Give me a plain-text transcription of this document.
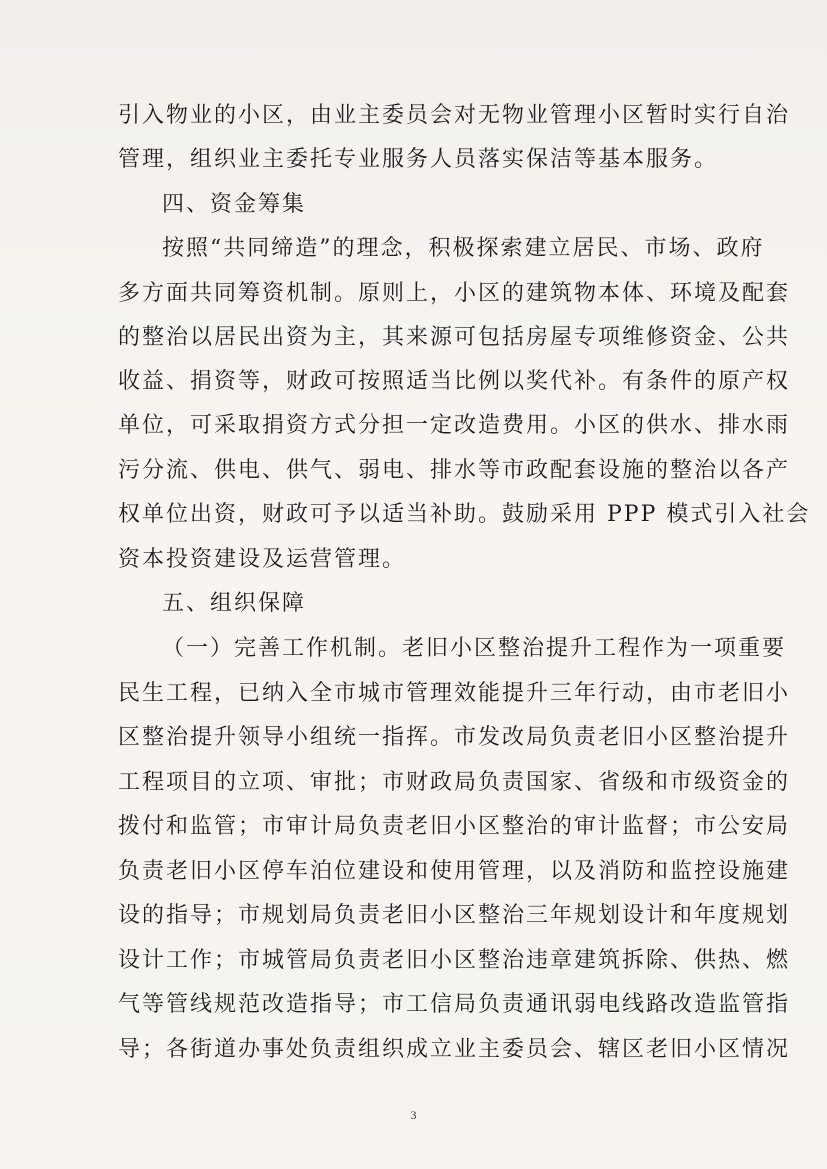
引入物业的小区，由业主委员会对无物业管理小区暂时实行自治
管理，组织业主委托专业服务人员落实保洁等基本服务。
四、资金筹集
按照“共同缔造”的理念，积极探索建立居民、市场、政府
多方面共同筹资机制。原则上，小区的建筑物本体、环境及配套
的整治以居民出资为主，其来源可包括房屋专项维修资金、公共
收益、捐资等，财政可按照适当比例以奖代补。有条件的原产权
单位，可采取捐资方式分担一定改造费用。小区的供水、排水雨
污分流、供电、供气、弱电、排水等市政配套设施的整治以各产
权单位出资，财政可予以适当补助。鼓励采用 PPP 模式引入社会
资本投资建设及运营管理。
五、组织保障
（一）完善工作机制。老旧小区整治提升工程作为一项重要
民生工程，已纳入全市城市管理效能提升三年行动，由市老旧小
区整治提升领导小组统一指挥。市发改局负责老旧小区整治提升
工程项目的立项、审批；市财政局负责国家、省级和市级资金的
拨付和监管；市审计局负责老旧小区整治的审计监督；市公安局
负责老旧小区停车泊位建设和使用管理，以及消防和监控设施建
设的指导；市规划局负责老旧小区整治三年规划设计和年度规划
设计工作；市城管局负责老旧小区整治违章建筑拆除、供热、燃
气等管线规范改造指导；市工信局负责通讯弱电线路改造监管指
导；各街道办事处负责组织成立业主委员会、辖区老旧小区情况
3
